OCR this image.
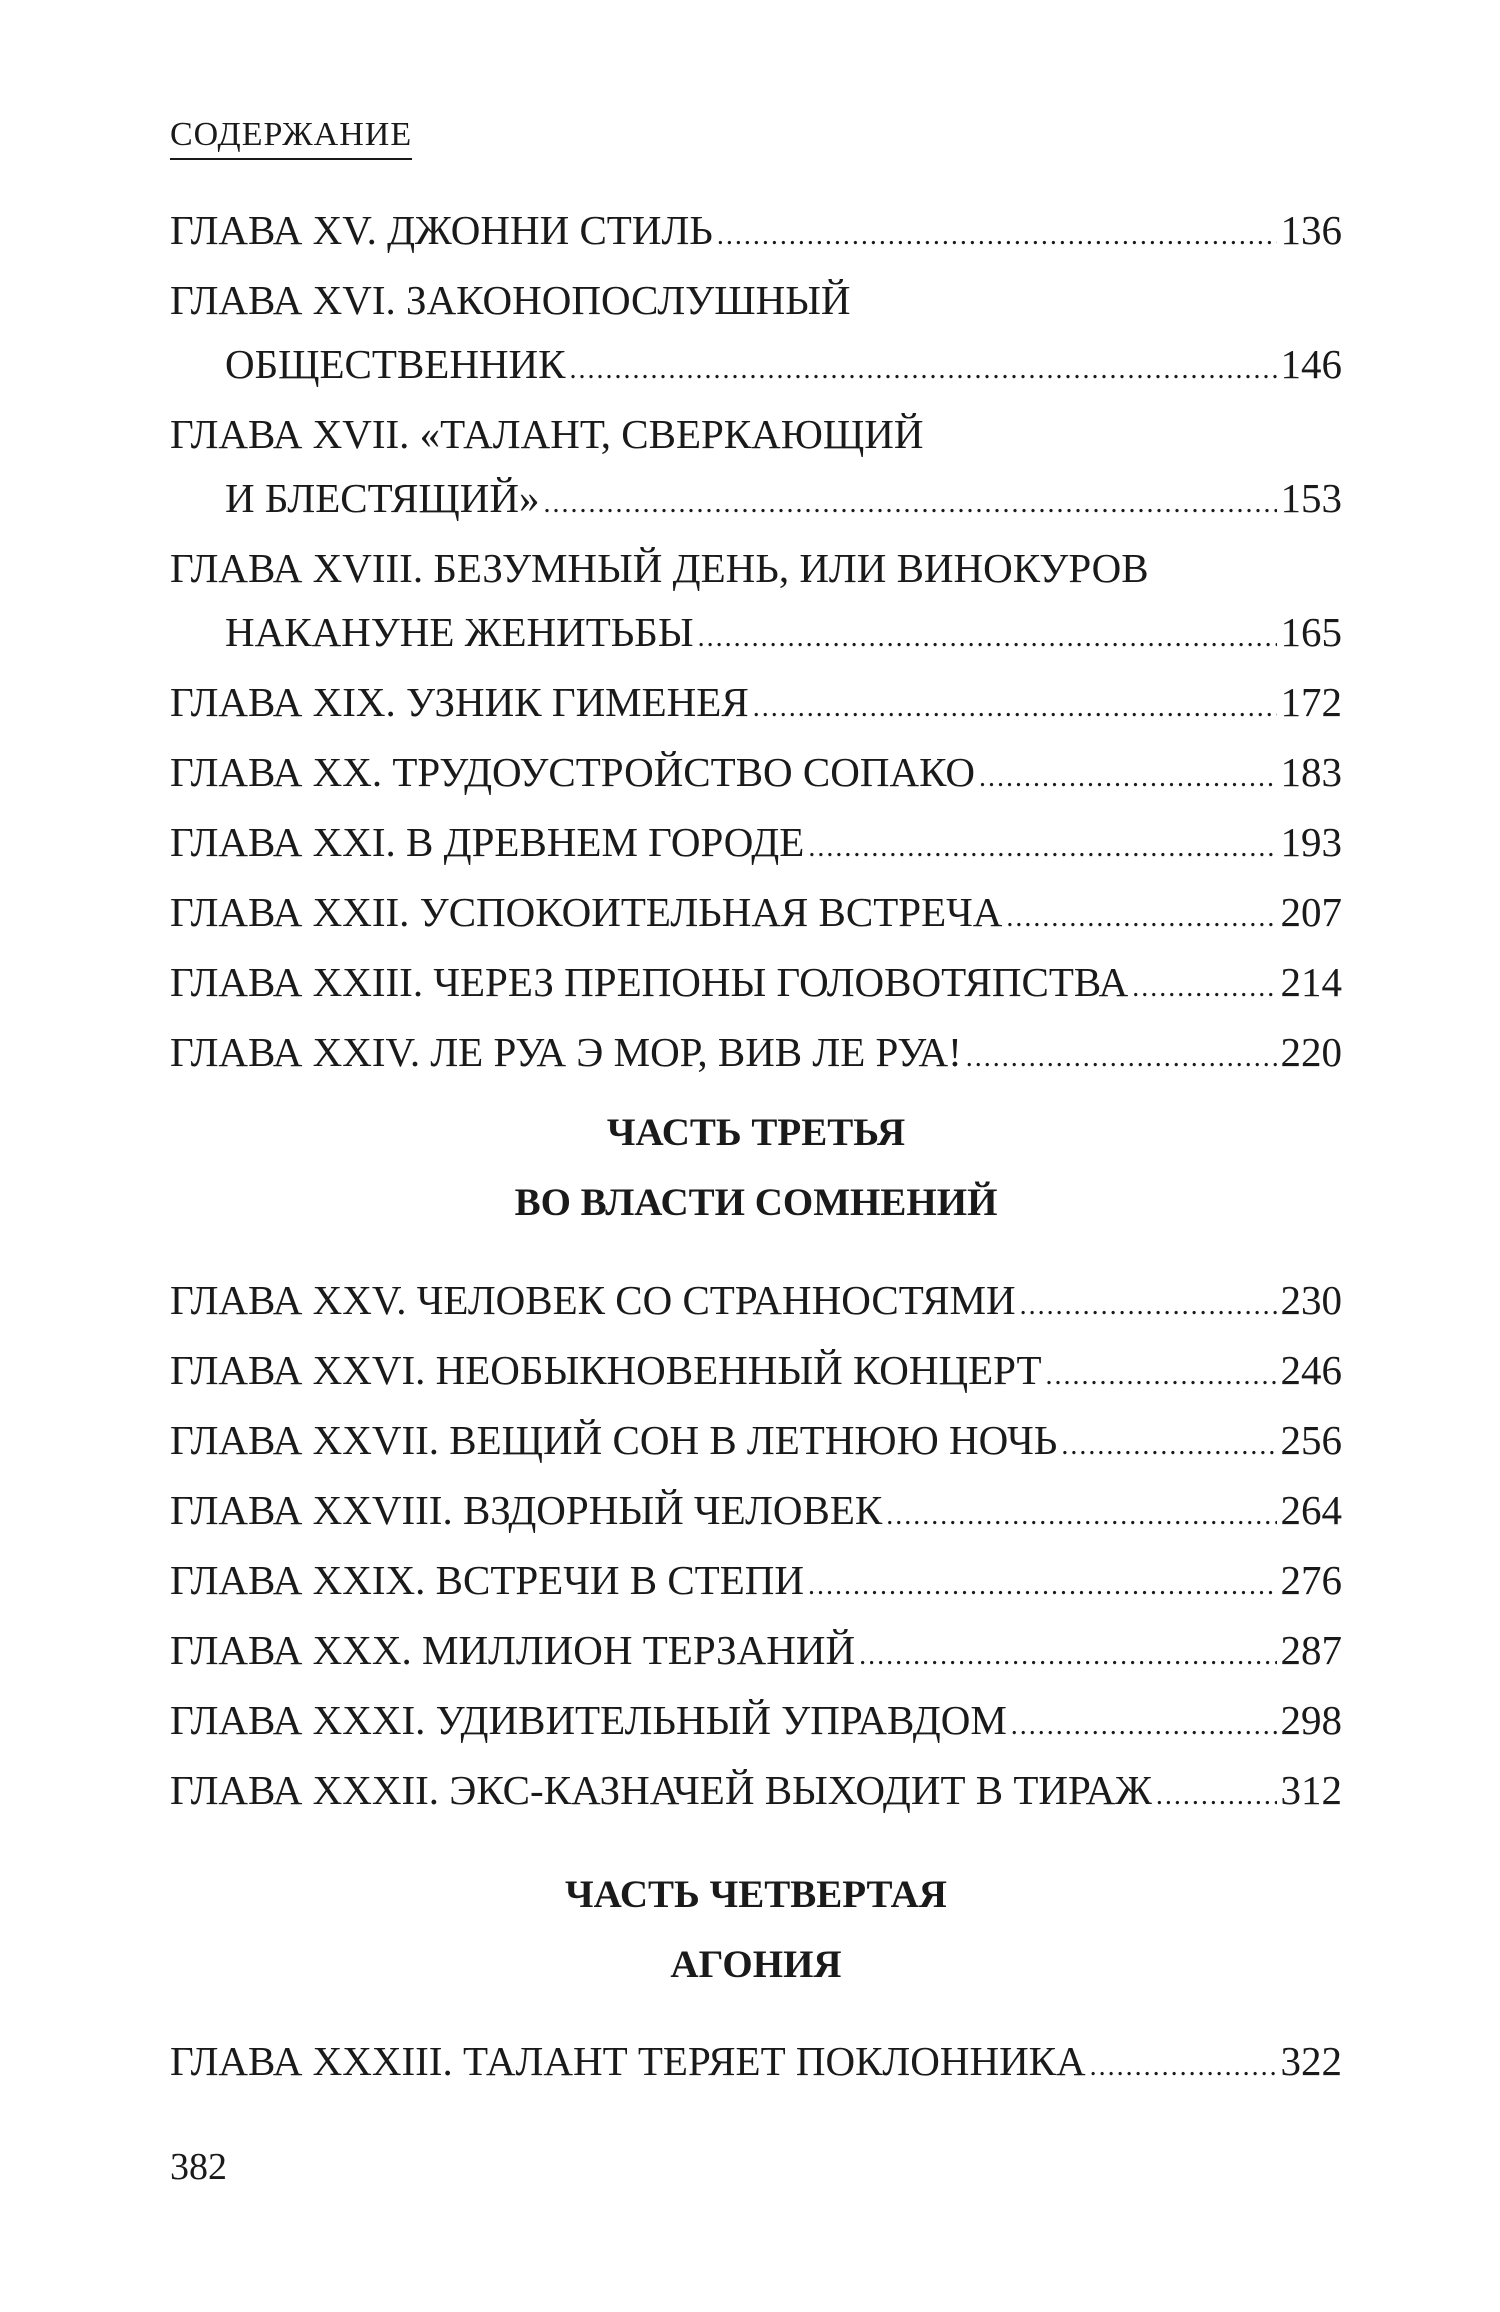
СОДЕРЖАНИЕ
ГЛАВА XV. ДЖОННИ СТИЛЬ .....	136
ГЛАВА XVI. ЗАКОНОПОСЛУШНЫЙ
ОБЩЕСТВЕННИК .....	146
ГЛАВА XVII. «ТАЛАНТ, СВЕРКАЮЩИЙ
И БЛЕСТЯЩИЙ» .....	153
ГЛАВА XVIII. БЕЗУМНЫЙ ДЕНЬ, ИЛИ ВИНОКУРОВ
НАКАНУНЕ ЖЕНИТЬБЫ .....	165
ГЛАВА XIX. УЗНИК ГИМЕНЕЯ .....	172
ГЛАВА XX. ТРУДОУСТРОЙСТВО СОПАКО .....	183
ГЛАВА XXI. В ДРЕВНЕМ ГОРОДЕ .....	193
ГЛАВА XXII. УСПОКОИТЕЛЬНАЯ ВСТРЕЧА .....	207
ГЛАВА XXIII. ЧЕРЕЗ ПРЕПОНЫ ГОЛОВОТЯПСТВА .....	214
ГЛАВА XXIV. ЛЕ РУА Э МОР, ВИВ ЛЕ РУА! .....	220
ЧАСТЬ ТРЕТЬЯ
ВО ВЛАСТИ СОМНЕНИЙ
ГЛАВА XXV. ЧЕЛОВЕК СО СТРАННОСТЯМИ .....	230
ГЛАВА XXVI. НЕОБЫКНОВЕННЫЙ КОНЦЕРТ .....	246
ГЛАВА XXVII. ВЕЩИЙ СОН В ЛЕТНЮЮ НОЧЬ .....	256
ГЛАВА XXVIII. ВЗДОРНЫЙ ЧЕЛОВЕК .....	264
ГЛАВА XXIX. ВСТРЕЧИ В СТЕПИ .....	276
ГЛАВА XXX. МИЛЛИОН ТЕРЗАНИЙ .....	287
ГЛАВА XXXI. УДИВИТЕЛЬНЫЙ УПРАВДОМ .....	298
ГЛАВА XXXII. ЭКС-КАЗНАЧЕЙ ВЫХОДИТ В ТИРАЖ .....	312
ЧАСТЬ ЧЕТВЕРТАЯ
АГОНИЯ
ГЛАВА XXXIII. ТАЛАНТ ТЕРЯЕТ ПОКЛОННИКА .....	322
382
